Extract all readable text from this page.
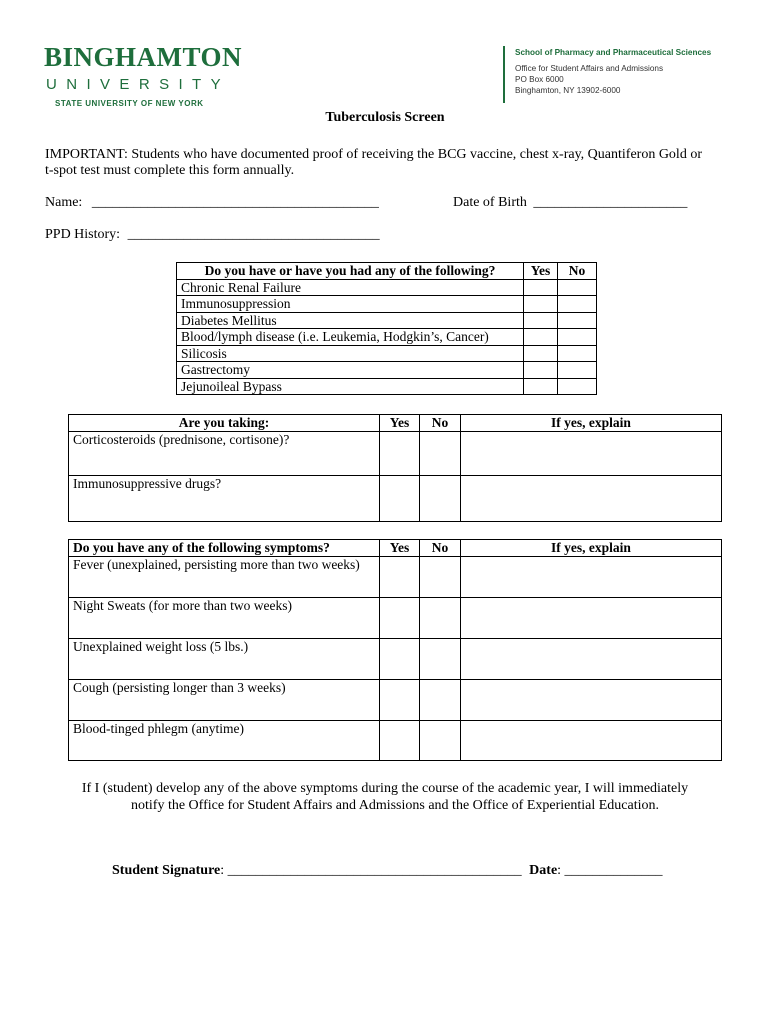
BINGHAMTON
UNIVERSITY
STATE UNIVERSITY OF NEW YORK
School of Pharmacy and Pharmaceutical Sciences
Office for Student Affairs and Admissions
PO Box 6000
Binghamton, NY 13902-6000
Tuberculosis Screen
IMPORTANT: Students who have documented proof of receiving the BCG vaccine, chest x-ray, Quantiferon Gold or
t-spot test must complete this form annually.
Name: _________________________________________	Date of Birth ______________________
PPD History: ____________________________________
Do you have or have you had any of the following?	Yes	No
Chronic Renal Failure		
Immunosuppression		
Diabetes Mellitus		
Blood/lymph disease (i.e. Leukemia, Hodgkin’s, Cancer)		
Silicosis		
Gastrectomy		
Jejunoileal Bypass		
Are you taking:	Yes	No	If yes, explain
Corticosteroids (prednisone, cortisone)?			
Immunosuppressive drugs?			
Do you have any of the following symptoms?	Yes	No	If yes, explain
Fever (unexplained, persisting more than two weeks)			
Night Sweats (for more than two weeks)			
Unexplained weight loss (5 lbs.)			
Cough (persisting longer than 3 weeks)			
Blood-tinged phlegm (anytime)			
If I (student) develop any of the above symptoms during the course of the academic year, I will immediately
notify the Office for Student Affairs and Admissions and the Office of Experiential Education.
Student Signature: __________________________________________ Date: ______________
